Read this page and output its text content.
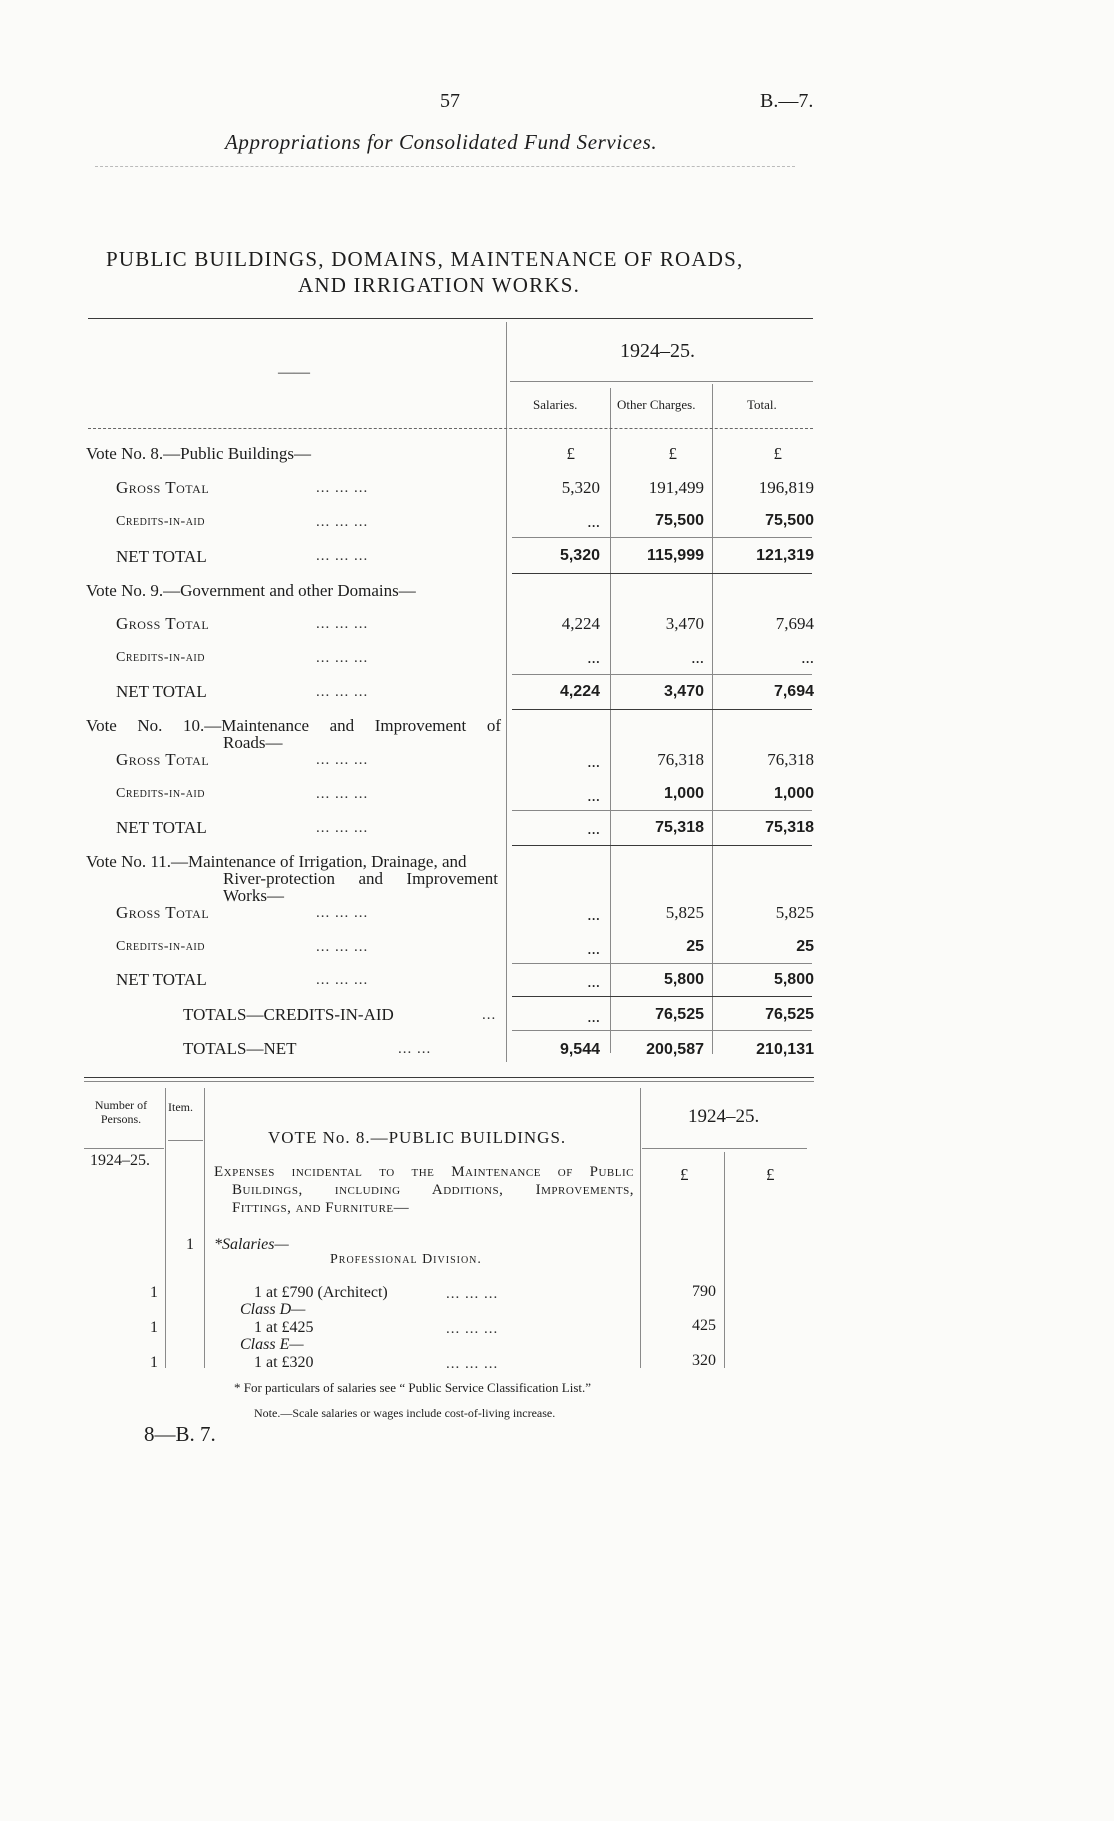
57	B.—7.
Appropriations for Consolidated Fund Services.
PUBLIC BUILDINGS, DOMAINS, MAINTENANCE OF ROADS,
AND IRRIGATION WORKS.
——
1924–25.
Salaries.	Other Charges.	Total.
£	£	£
Vote No. 8.—Public Buildings—
Gross Total	... ... ...	5,320	191,499	196,819
Credits-in-aid	... ... ...	...	75,500	75,500
NET TOTAL	... ... ...	5,320	115,999	121,319
Vote No. 9.—Government and other Domains—
Gross Total	... ... ...	4,224	3,470	7,694
Credits-in-aid	... ... ...	...	...	...
NET TOTAL	... ... ...	4,224	3,470	7,694
Vote No. 10.—Maintenance and Improvement of
Roads—
Gross Total	... ... ...	...	76,318	76,318
Credits-in-aid	... ... ...	...	1,000	1,000
NET TOTAL	... ... ...	...	75,318	75,318
Vote No. 11.—Maintenance of Irrigation, Drainage, and
River-protection and Improvement
Works—
Gross Total	... ... ...	...	5,825	5,825
Credits-in-aid	... ... ...	...	25	25
NET TOTAL	... ... ...	...	5,800	5,800
TOTALS—CREDITS-IN-AID	...	...	76,525	76,525
TOTALS—NET	... ...	9,544	200,587	210,131
Number of Persons.
Item.
1924–25.
1924–25.
£	£
VOTE No. 8.—PUBLIC BUILDINGS.
Expenses incidental to the Maintenance of Public
Buildings, including Additions, Improvements,
Fittings, and Furniture—
1 *Salaries—
Professional Division.
1	1 at £790 (Architect)	... ... ...	790
Class D—
1	1 at £425	... ... ...	425
Class E—
1	1 at £320	... ... ...	320
* For particulars of salaries see “ Public Service Classification List.”
Note.—Scale salaries or wages include cost-of-living increase.
8—B. 7.
